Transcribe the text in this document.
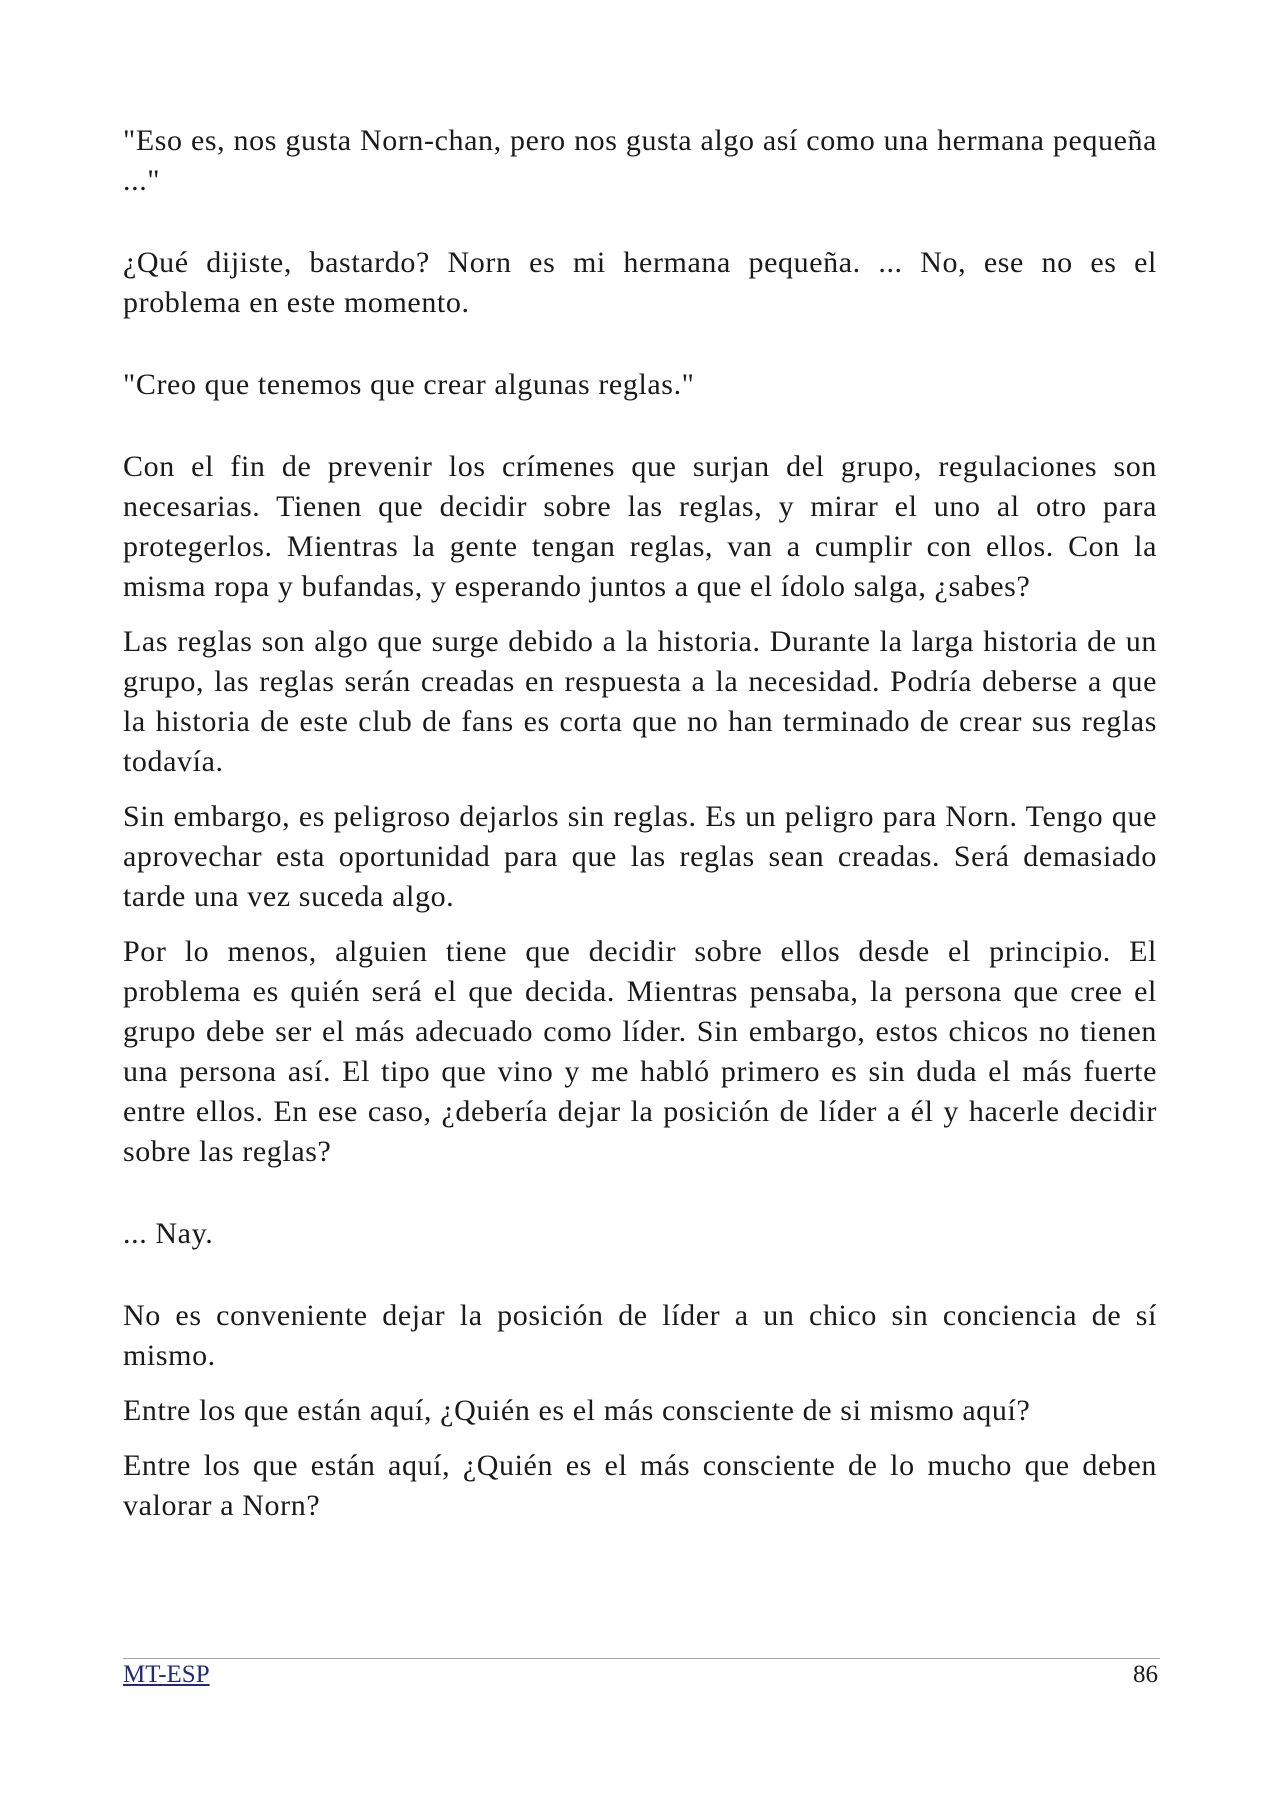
"Eso es, nos gusta Norn-chan, pero nos gusta algo así como una hermana pequeña ..."

¿Qué dijiste, bastardo? Norn es mi hermana pequeña. ... No, ese no es el problema en este momento.

"Creo que tenemos que crear algunas reglas."

Con el fin de prevenir los crímenes que surjan del grupo, regulaciones son necesarias. Tienen que decidir sobre las reglas, y mirar el uno al otro para protegerlos. Mientras la gente tengan reglas, van a cumplir con ellos. Con la misma ropa y bufandas, y esperando juntos a que el ídolo salga, ¿sabes?

Las reglas son algo que surge debido a la historia. Durante la larga historia de un grupo, las reglas serán creadas en respuesta a la necesidad. Podría deberse a que la historia de este club de fans es corta que no han terminado de crear sus reglas todavía.

Sin embargo, es peligroso dejarlos sin reglas. Es un peligro para Norn. Tengo que aprovechar esta oportunidad para que las reglas sean creadas. Será demasiado tarde una vez suceda algo.

Por lo menos, alguien tiene que decidir sobre ellos desde el principio. El problema es quién será el que decida. Mientras pensaba, la persona que cree el grupo debe ser el más adecuado como líder. Sin embargo, estos chicos no tienen una persona así. El tipo que vino y me habló primero es sin duda el más fuerte entre ellos. En ese caso, ¿debería dejar la posición de líder a él y hacerle decidir sobre las reglas?

... Nay.

No es conveniente dejar la posición de líder a un chico sin conciencia de sí mismo.

Entre los que están aquí, ¿Quién es el más consciente de si mismo aquí?

Entre los que están aquí, ¿Quién es el más consciente de lo mucho que deben valorar a Norn?

MT-ESP	86
